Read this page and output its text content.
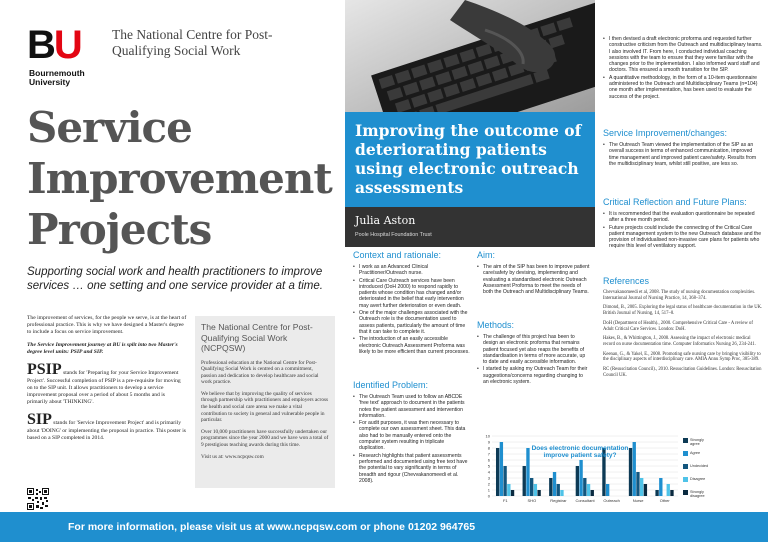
BU
Bournemouth
University
The National Centre for Post-Qualifying Social Work
Service
Improvement
Projects
Supporting social work and health practitioners to improve services … one setting and one service provider at a time.

The improvement of services, for the people we serve, is at the heart of professional practice. This is why we have designed a Master's degree to include a focus on service improvement.

The Service Improvement journey at BU is split into two Master's degree level units: PSIP and SIP.

PSIP stands for 'Preparing for your Service Improvement Project'. Successful completion of PSIP is a pre-requisite for moving on to the SIP unit. It allows practitioners to develop a service improvement proposal over a period of about 5 months and is primarily about 'THINKING'.

SIP stands for 'Service Improvement Project' and is primarily about 'DOING' or implementing the proposal in practice. This poster is based on a SIP completed in 2014.

The National Centre for Post-Qualifying Social Work (NCPQSW)

Professional education at the National Centre for Post-Qualifying Social Work is centred on a commitment, passion and dedication to develop healthcare and social work practice.

We believe that by improving the quality of services through partnership with practitioners and employers across the health and social care arena we make a vital contribution to society in general and vulnerable people in particular.

Over 10,000 practitioners have successfully undertaken our programmes since the year 2000 and we have won a total of 9 prestigious teaching awards during this time.

Visit us at: www.ncpqsw.com

Improving the outcome of deteriorating patients using electronic outreach assessments
Julia Aston
Poole Hospital Foundation Trust
Context and rationale:
• I work as an Advanced Clinical Practitioner/Outreach nurse.
• Critical Care Outreach services have been introduced (DoH 2000) to respond rapidly to patients whose condition has changed and/or deteriorated in the belief that early intervention may avert further deterioration or even death.
• One of the major challenges associated with the Outreach role is the documentation used to assess patients, particularly the amount of time that it can take to complete it.
• The introduction of an easily accessible electronic Outreach Assessment Proforma was likely to be more efficient than current processes.
Identified Problem:
• The Outreach Team used to follow an ABCDE 'free text' approach to document in the patients notes the patient assessment and intervention information.
• For audit purposes, it was then necessary to complete our own assessment sheet. This data also had to be manually entered onto the computer system resulting in triplicate duplication.
• Research highlights that patient assessments performed and documented using free text have the potential to vary significantly in terms of breadth and rigour (Chevvakanomeedi et al. 2008).
Aim:
• The aim of the SIP has been to improve patient care/safety by devising, implementing and evaluating a standardised electronic Outreach Assessment Proforma to meet the needs of both the Outreach and Multidisciplinary Teams.
Methods:
• The challenge of this project has been to design an electronic proforma that remains patient focused yet also reaps the benefits of standardisation in terms of more accurate, up to date and easily accessible information.
• I started by asking my Outreach Team for their suggestions/concerns regarding changing to an electronic system.
10
9
8
7
6
5
4
3
2
1
0
F1	SHO	Registrar Consultant Outreach	Nurse	Other
Does electronic documentation improve patient safety?
Strongly agree
Agree
Undecided
Disagree
Strongly disagree
• I then devised a draft electronic proforma and requested further constructive criticism from the Outreach and multidisciplinary teams. I also involved IT. From here, I conducted individual coaching sessions with the team to ensure that they were familiar with the changes prior to the implementation. I also informed ward staff and doctors. This ensured a smooth transition for the SIP.
• A quantitative methodology, in the form of a 10-item questionnaire administered to the Outreach and Multidisciplinary Teams (n=104) one month after implementation, has been used to evaluate the success of the project.
Service Improvement/changes:
• The Outreach Team viewed the implementation of the SIP as an overall success in terms of enhanced communication, improved time management and improved patient care/safety. Results from the multidisciplinary team, whilst still positive, are less so.
Critical Reflection and Future Plans:
• It is recommended that the evaluation questionnaire be repeated after a three month period.
• Future projects could include the connecting of the Critical Care patient management system to the new Outreach database and the provision of individualised non-invasive care plans for patients who require this level of ventilatory support.
References

Chevvakanomeedi et al, 2008. The study of nursing documentation complexities. International Journal of Nursing Practice, 14, 368–374.

Dimond, B., 2005. Exploring the legal status of healthcare documentation in the UK. British Journal of Nursing, 14, 517–8.

DoH (Department of Health)., 2000. Comprehensive Critical Care - A review of Adult Critical Care Services. London: DoH.

Hakes, B., & Whittington, J., 2008. Assessing the impact of electronic medical record on nurse documentation time. Computer Informatics Nursing 26, 234-241.

Keenan, G., & Yakel, E., 2008. Promoting safe nursing care by bringing visibility to the disciplinary aspects of interdisciplinary care. AMIA Annu Symp Proc, 385-389.

RC (Resuscitation Council)., 2010. Resuscitation Guidelines. London: Resuscitation Council UK.

For more information, please visit us at www.ncpqsw.com or phone 01202 964765
